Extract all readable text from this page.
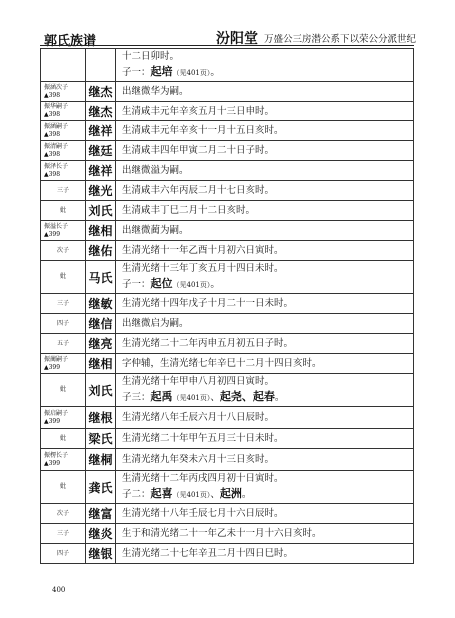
郭氏族谱	汾阳堂 万盛公三房潜公系下以荣公分派世纪

		十二日卯时。
子一：起培（见401页）。

振涵次子
▲398	继杰	出继微华为嗣。

振华嗣子
▲398	继杰	生清咸丰元年辛亥五月十三日申时。

振涵嗣子
▲398	继祥	生清咸丰元年辛亥十一月十五日亥时。

振清嗣子
▲398	继廷	生清咸丰四年甲寅二月二十日子时。

振泽长子
▲398	继祥	出继微溢为嗣。

三子	继光	生清咸丰六年丙辰二月十七日亥时。

妣	刘氏	生清咸丰丁巳二月十二日亥时。

振溢长子
▲399	继相	出继微蔺为嗣。

次子	继佑	生清光绪十一年乙酉十月初六日寅时。

妣	马氏	生清光绪十三年丁亥五月十四日未时。
子一：起位（见401页）。

三子	继敏	生清光绪十四年戊子十月二十一日未时。

四子	继信	出继微启为嗣。

五子	继亮	生清光绪二十二年丙申五月初五日子时。

振蔺嗣子
▲399	继相	字仲辅，生清光绪七年辛巳十二月十四日亥时。

妣	刘氏	生清光绪十年甲申八月初四日寅时。
子三：起禹（见401页）、起尧、起春。

振启嗣子
▲399	继根	生清光绪八年壬辰六月十八日辰时。

妣	梁氏	生清光绪二十年甲午五月三十日未时。

振楞长子
▲399	继桐	生清光绪九年癸未六月十三日亥时。

妣	龚氏	生清光绪十二年丙戌四月初十日寅时。
子二：起喜（见401页）、起洲。

次子	继富	生清光绪十八年壬辰七月十六日辰时。

三子	继炎	生于和清光绪二十一年乙未十一月十六日亥时。

四子	继银	生清光绪二十七年辛丑二月十四日巳时。
400
